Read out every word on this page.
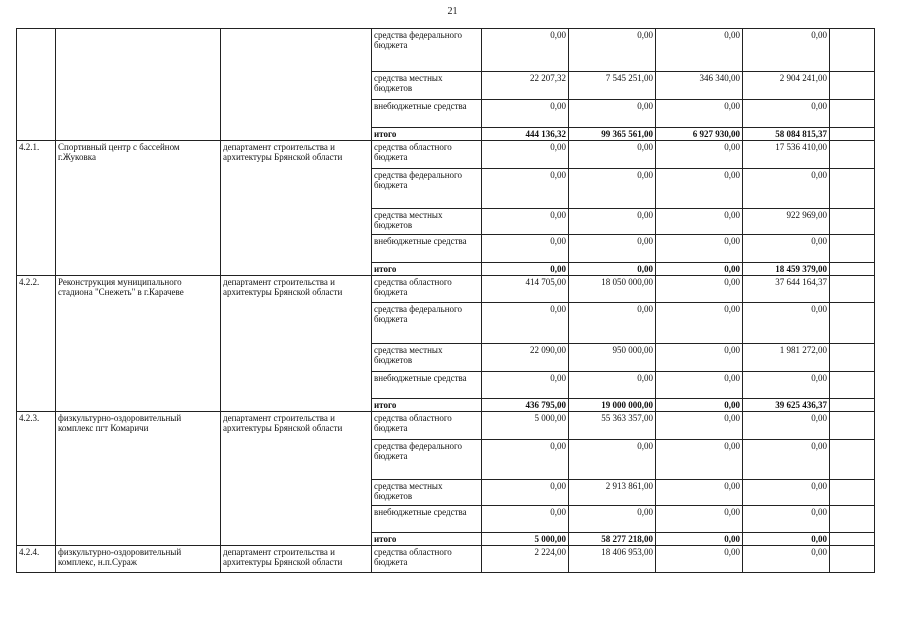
21
			средства федерального бюджета	0,00	0,00	0,00	0,00	
			средства местных бюджетов	22 207,32	7 545 251,00	346 340,00	2 904 241,00	
			внебюджетные средства	0,00	0,00	0,00	0,00	
			итого	444 136,32	99 365 561,00	6 927 930,00	58 084 815,37	
4.2.1.	Спортивный центр с бассейном г.Жуковка	департамент строительства и архитектуры Брянской области	средства областного бюджета	0,00	0,00	0,00	17 536 410,00	
			средства федерального бюджета	0,00	0,00	0,00	0,00	
			средства местных бюджетов	0,00	0,00	0,00	922 969,00	
			внебюджетные средства	0,00	0,00	0,00	0,00	
			итого	0,00	0,00	0,00	18 459 379,00	
4.2.2.	Реконструкция муниципального стадиона "Снежеть" в г.Карачеве	департамент строительства и архитектуры Брянской области	средства областного бюджета	414 705,00	18 050 000,00	0,00	37 644 164,37	
			средства федерального бюджета	0,00	0,00	0,00	0,00	
			средства местных бюджетов	22 090,00	950 000,00	0,00	1 981 272,00	
			внебюджетные средства	0,00	0,00	0,00	0,00	
			итого	436 795,00	19 000 000,00	0,00	39 625 436,37	
4.2.3.	физкультурно-оздоровительный комплекс пгт Комаричи	департамент строительства и архитектуры Брянской области	средства областного бюджета	5 000,00	55 363 357,00	0,00	0,00	
			средства федерального бюджета	0,00	0,00	0,00	0,00	
			средства местных бюджетов	0,00	2 913 861,00	0,00	0,00	
			внебюджетные средства	0,00	0,00	0,00	0,00	
			итого	5 000,00	58 277 218,00	0,00	0,00	
4.2.4.	физкультурно-оздоровительный комплекс, н.п.Сураж	департамент строительства и архитектуры Брянской области	средства областного бюджета	2 224,00	18 406 953,00	0,00	0,00	
